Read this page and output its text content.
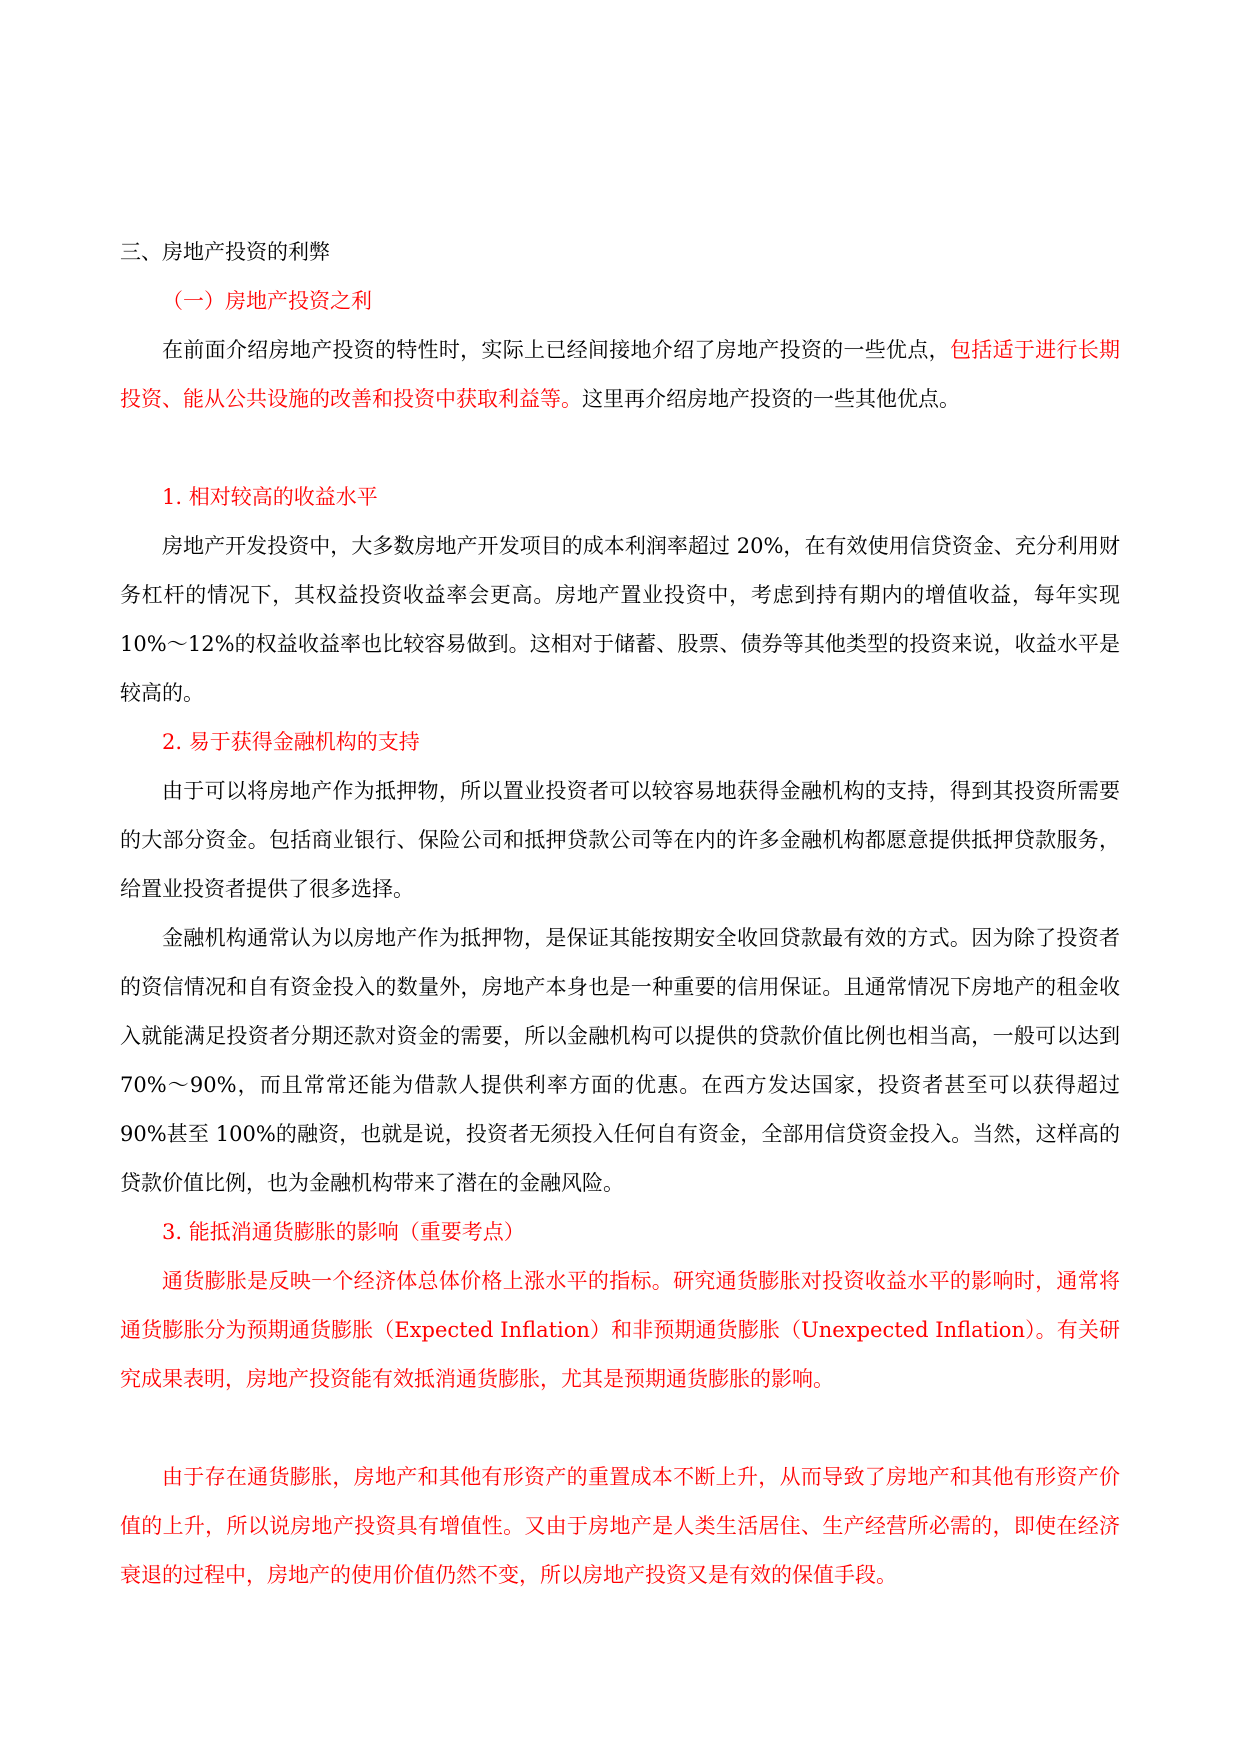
三、房地产投资的利弊

（一）房地产投资之利

在前面介绍房地产投资的特性时，实际上已经间接地介绍了房地产投资的一些优点，包括适于进行长期投资、能从公共设施的改善和投资中获取利益等。这里再介绍房地产投资的一些其他优点。

1. 相对较高的收益水平

房地产开发投资中，大多数房地产开发项目的成本利润率超过 20%，在有效使用信贷资金、充分利用财务杠杆的情况下，其权益投资收益率会更高。房地产置业投资中，考虑到持有期内的增值收益，每年实现 10%～12%的权益收益率也比较容易做到。这相对于储蓄、股票、债券等其他类型的投资来说，收益水平是较高的。

2. 易于获得金融机构的支持

由于可以将房地产作为抵押物，所以置业投资者可以较容易地获得金融机构的支持，得到其投资所需要的大部分资金。包括商业银行、保险公司和抵押贷款公司等在内的许多金融机构都愿意提供抵押贷款服务，给置业投资者提供了很多选择。

金融机构通常认为以房地产作为抵押物，是保证其能按期安全收回贷款最有效的方式。因为除了投资者的资信情况和自有资金投入的数量外，房地产本身也是一种重要的信用保证。且通常情况下房地产的租金收入就能满足投资者分期还款对资金的需要，所以金融机构可以提供的贷款价值比例也相当高，一般可以达到 70%～90%，而且常常还能为借款人提供利率方面的优惠。在西方发达国家，投资者甚至可以获得超过 90%甚至 100%的融资，也就是说，投资者无须投入任何自有资金，全部用信贷资金投入。当然，这样高的贷款价值比例，也为金融机构带来了潜在的金融风险。

3. 能抵消通货膨胀的影响（重要考点）

通货膨胀是反映一个经济体总体价格上涨水平的指标。研究通货膨胀对投资收益水平的影响时，通常将通货膨胀分为预期通货膨胀（Expected Inflation）和非预期通货膨胀（Unexpected Inflation）。有关研究成果表明，房地产投资能有效抵消通货膨胀，尤其是预期通货膨胀的影响。

由于存在通货膨胀，房地产和其他有形资产的重置成本不断上升，从而导致了房地产和其他有形资产价值的上升，所以说房地产投资具有增值性。又由于房地产是人类生活居住、生产经营所必需的，即使在经济衰退的过程中，房地产的使用价值仍然不变，所以房地产投资又是有效的保值手段。
